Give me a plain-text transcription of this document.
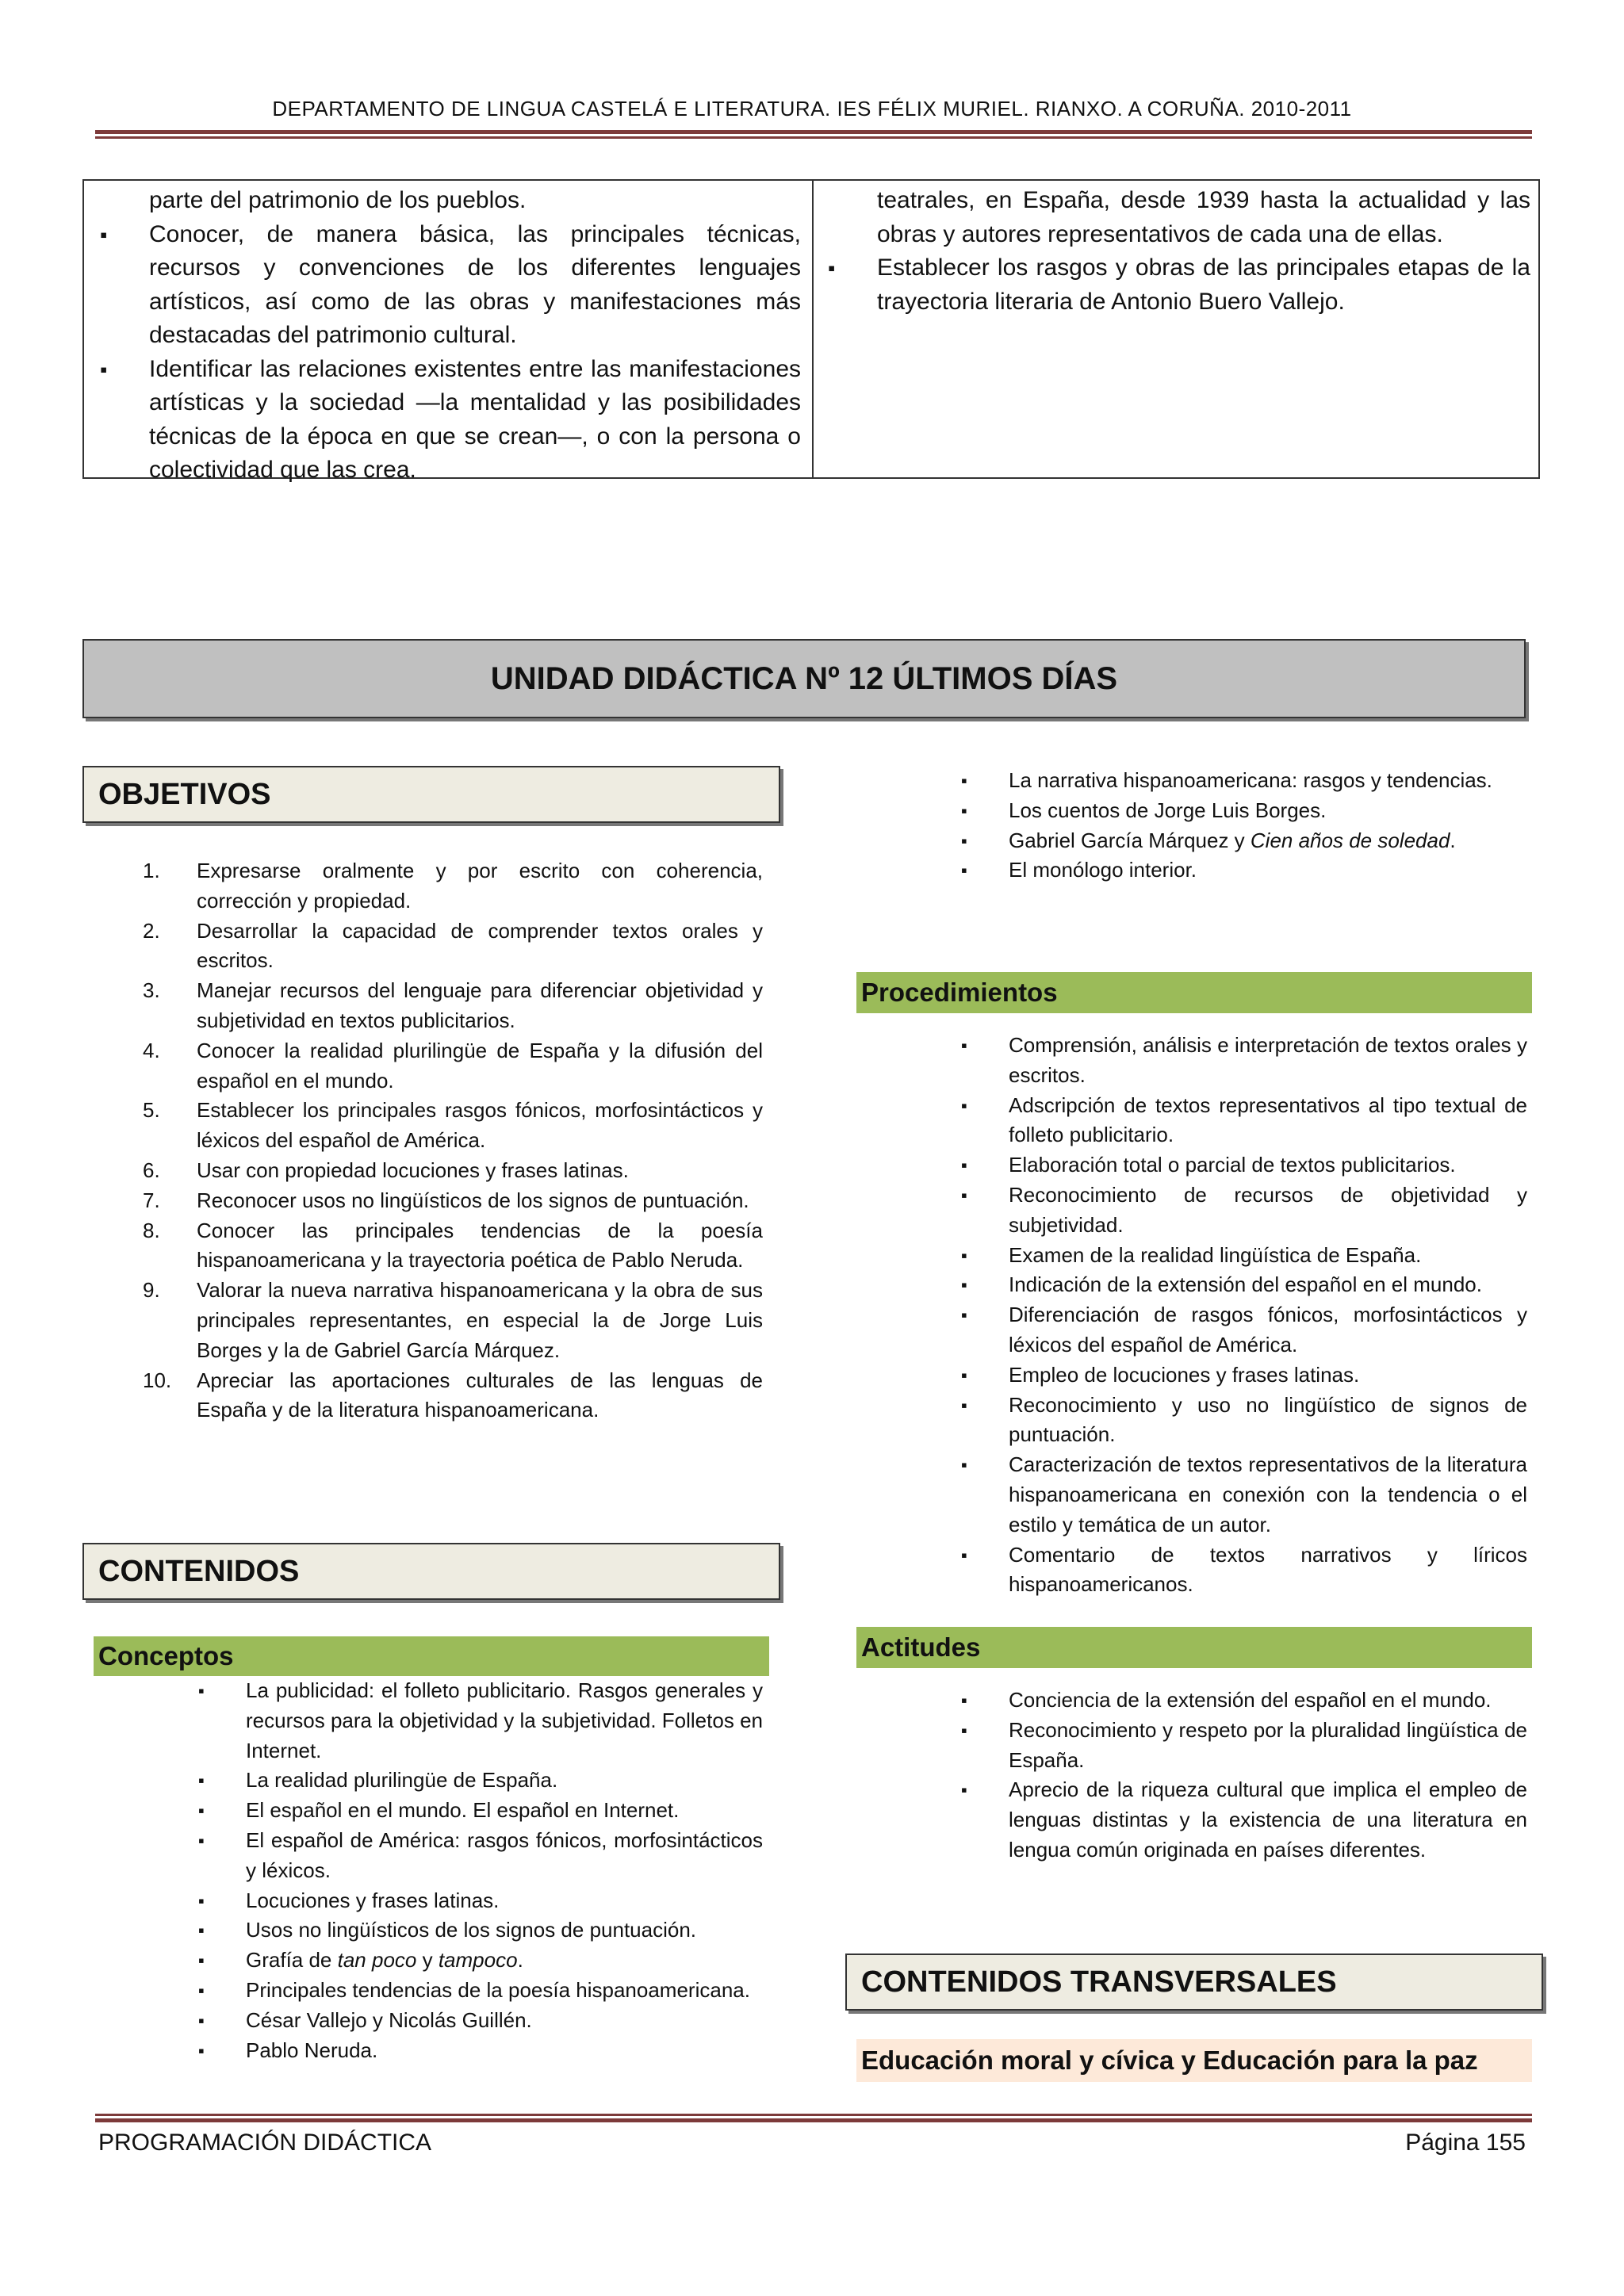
DEPARTAMENTO DE LINGUA CASTELÁ E LITERATURA. IES FÉLIX MURIEL. RIANXO. A CORUÑA. 2010-2011
parte del patrimonio de los pueblos.
▪ Conocer, de manera básica, las principales técnicas, recursos y convenciones de los diferentes lenguajes artísticos, así como de las obras y manifestaciones más destacadas del patrimonio cultural.
▪ Identificar las relaciones existentes entre las manifestaciones artísticas y la sociedad —la mentalidad y las posibilidades técnicas de la época en que se crean—, o con la persona o colectividad que las crea.
teatrales, en España, desde 1939 hasta la actualidad y las obras y autores representativos de cada una de ellas.
▪ Establecer los rasgos y obras de las principales etapas de la trayectoria literaria de Antonio Buero Vallejo.
UNIDAD DIDÁCTICA Nº 12 ÚLTIMOS DÍAS
OBJETIVOS
1.	Expresarse oralmente y por escrito con coherencia, corrección y propiedad.
2.	Desarrollar la capacidad de comprender textos orales y escritos.
3.	Manejar recursos del lenguaje para diferenciar objetividad y subjetividad en textos publicitarios.
4.	Conocer la realidad plurilingüe de España y la difusión del español en el mundo.
5.	Establecer los principales rasgos fónicos, morfosintácticos y léxicos del español de América.
6.	Usar con propiedad locuciones y frases latinas.
7.	Reconocer usos no lingüísticos de los signos de puntuación.
8.	Conocer las principales tendencias de la poesía hispanoamericana y la trayectoria poética de Pablo Neruda.
9.	Valorar la nueva narrativa hispanoamericana y la obra de sus principales representantes, en especial la de Jorge Luis Borges y la de Gabriel García Márquez.
10.	Apreciar las aportaciones culturales de las lenguas de España y de la literatura hispanoamericana.
CONTENIDOS
Conceptos
▪ La publicidad: el folleto publicitario. Rasgos generales y recursos para la objetividad y la subjetividad. Folletos en Internet.
▪ La realidad plurilingüe de España.
▪ El español en el mundo. El español en Internet.
▪ El español de América: rasgos fónicos, morfosintácticos y léxicos.
▪ Locuciones y frases latinas.
▪ Usos no lingüísticos de los signos de puntuación.
▪ Grafía de tan poco y tampoco.
▪ Principales tendencias de la poesía hispanoamericana.
▪ César Vallejo y Nicolás Guillén.
▪ Pablo Neruda.
▪ La narrativa hispanoamericana: rasgos y tendencias.
▪ Los cuentos de Jorge Luis Borges.
▪ Gabriel García Márquez y Cien años de soledad.
▪ El monólogo interior.
Procedimientos
▪ Comprensión, análisis e interpretación de textos orales y escritos.
▪ Adscripción de textos representativos al tipo textual de folleto publicitario.
▪ Elaboración total o parcial de textos publicitarios.
▪ Reconocimiento de recursos de objetividad y subjetividad.
▪ Examen de la realidad lingüística de España.
▪ Indicación de la extensión del español en el mundo.
▪ Diferenciación de rasgos fónicos, morfosintácticos y léxicos del español de América.
▪ Empleo de locuciones y frases latinas.
▪ Reconocimiento y uso no lingüístico de signos de puntuación.
▪ Caracterización de textos representativos de la literatura hispanoamericana en conexión con la tendencia o el estilo y temática de un autor.
▪ Comentario de textos narrativos y líricos hispanoamericanos.
Actitudes
▪ Conciencia de la extensión del español en el mundo.
▪ Reconocimiento y respeto por la pluralidad lingüística de España.
▪ Aprecio de la riqueza cultural que implica el empleo de lenguas distintas y la existencia de una literatura en lengua común originada en países diferentes.
CONTENIDOS TRANSVERSALES
Educación moral y cívica y Educación para la paz
PROGRAMACIÓN DIDÁCTICA	Página 155
